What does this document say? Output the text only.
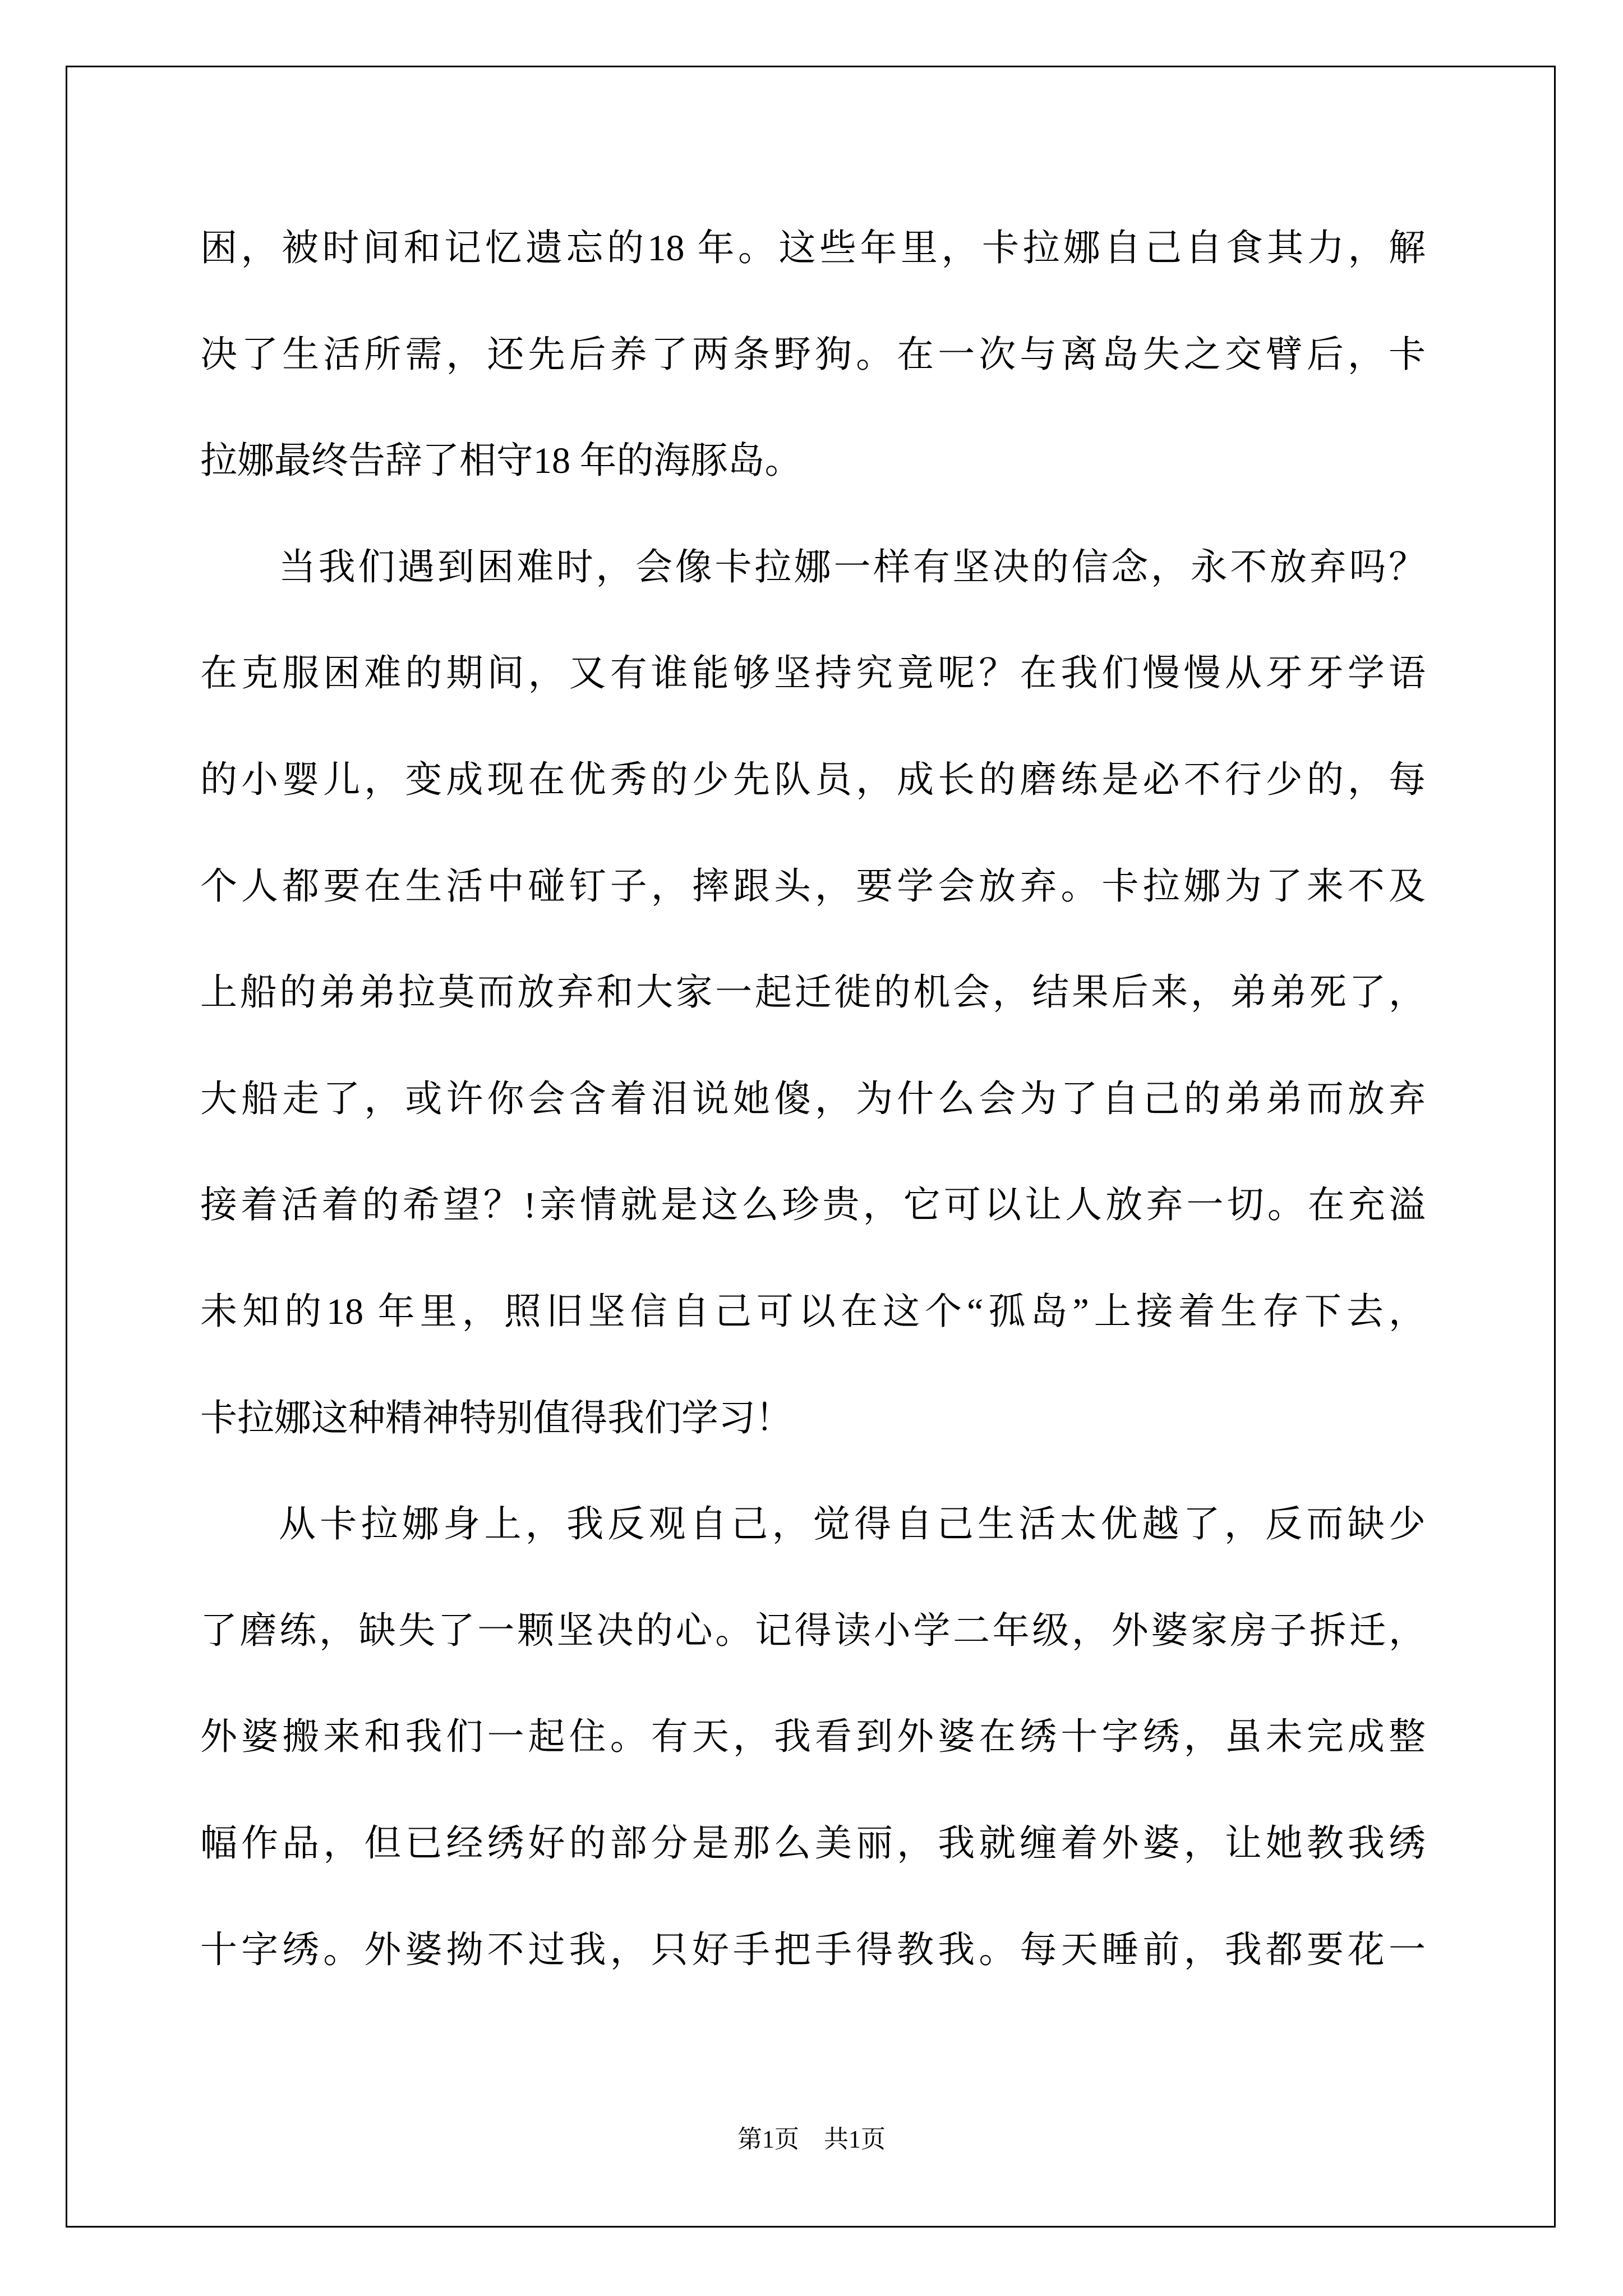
困，被时间和记忆遗忘的18 年。这些年里，卡拉娜自己自食其力，解
决了生活所需，还先后养了两条野狗。在一次与离岛失之交臂后，卡
拉娜最终告辞了相守18 年的海豚岛。
当我们遇到困难时，会像卡拉娜一样有坚决的信念，永不放弃吗？
在克服困难的期间，又有谁能够坚持究竟呢？在我们慢慢从牙牙学语
的小婴儿，变成现在优秀的少先队员，成长的磨练是必不行少的，每
个人都要在生活中碰钉子，摔跟头，要学会放弃。卡拉娜为了来不及
上船的弟弟拉莫而放弃和大家一起迁徙的机会，结果后来，弟弟死了，
大船走了，或许你会含着泪说她傻，为什么会为了自己的弟弟而放弃
接着活着的希望？!亲情就是这么珍贵，它可以让人放弃一切。在充溢
未知的18 年里，照旧坚信自己可以在这个“孤岛”上接着生存下去，
卡拉娜这种精神特别值得我们学习！
从卡拉娜身上，我反观自己，觉得自己生活太优越了，反而缺少
了磨练，缺失了一颗坚决的心。记得读小学二年级，外婆家房子拆迁，
外婆搬来和我们一起住。有天，我看到外婆在绣十字绣，虽未完成整
幅作品，但已经绣好的部分是那么美丽，我就缠着外婆，让她教我绣
十字绣。外婆拗不过我，只好手把手得教我。每天睡前，我都要花一
第1页　共1页
